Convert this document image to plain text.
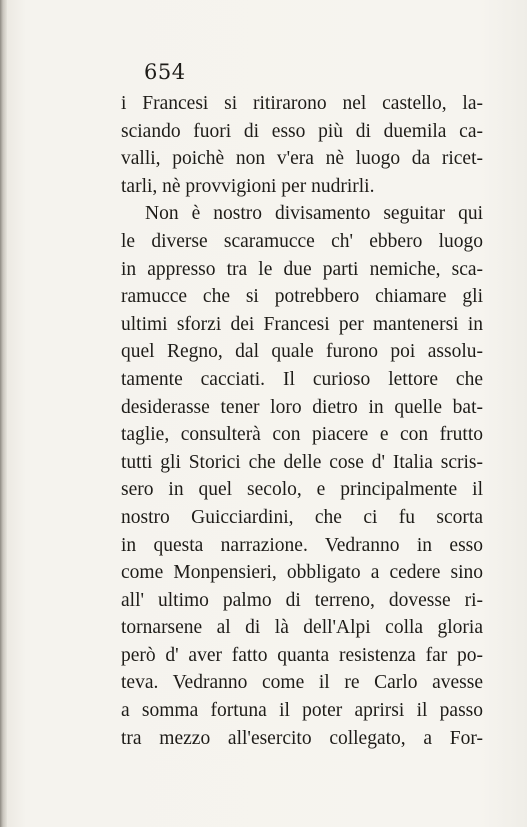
654
i Francesi si ritirarono nel castello, la-
sciando fuori di esso più di duemila ca-
valli, poichè non v'era nè luogo da ricet-
tarli, nè provvigioni per nudrirli.
Non è nostro divisamento seguitar qui
le diverse scaramucce ch' ebbero luogo
in appresso tra le due parti nemiche, sca-
ramucce che si potrebbero chiamare gli
ultimi sforzi dei Francesi per mantenersi in
quel Regno, dal quale furono poi assolu-
tamente cacciati. Il curioso lettore che
desiderasse tener loro dietro in quelle bat-
taglie, consulterà con piacere e con frutto
tutti gli Storici che delle cose d' Italia scris-
sero in quel secolo, e principalmente il
nostro Guicciardini, che ci fu scorta
in questa narrazione. Vedranno in esso
come Monpensieri, obbligato a cedere sino
all' ultimo palmo di terreno, dovesse ri-
tornarsene al di là dell'Alpi colla gloria
però d' aver fatto quanta resistenza far po-
teva. Vedranno come il re Carlo avesse
a somma fortuna il poter aprirsi il passo
tra mezzo all'esercito collegato, a For-
